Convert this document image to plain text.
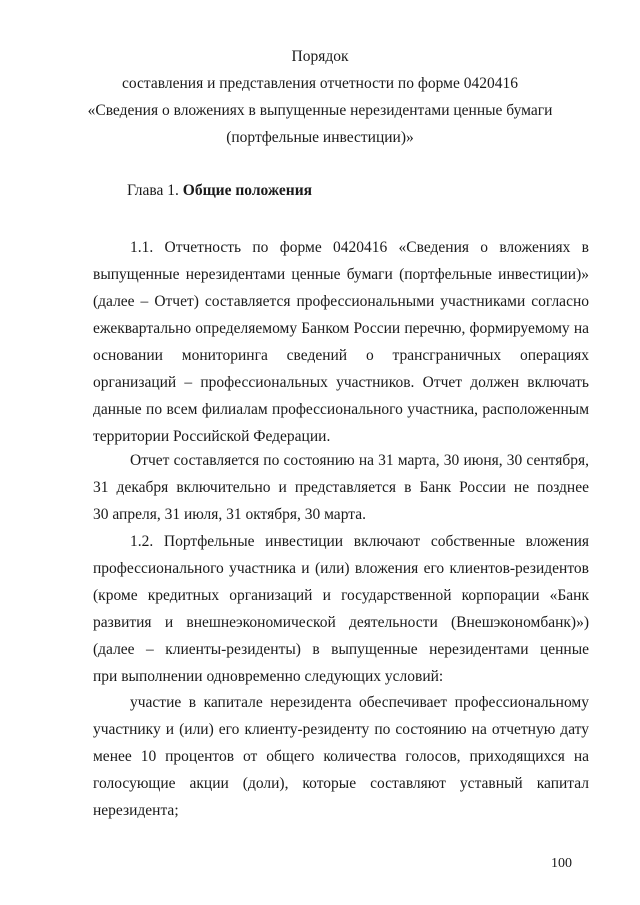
Порядок
составления и представления отчетности по форме 0420416
«Сведения о вложениях в выпущенные нерезидентами ценные бумаги
(портфельные инвестиции)»
Глава 1. Общие положения
1.1. Отчетность по форме 0420416 «Сведения о вложениях в
выпущенные нерезидентами ценные бумаги (портфельные инвестиции)»
(далее – Отчет) составляется профессиональными участниками согласно
ежеквартально определяемому Банком России перечню, формируемому на
основании мониторинга сведений о трансграничных операциях
организаций – профессиональных участников. Отчет должен включать
данные по всем филиалам профессионального участника, расположенным
территории Российской Федерации.
Отчет составляется по состоянию на 31 марта, 30 июня, 30 сентября,
31 декабря включительно и представляется в Банк России не позднее
30 апреля, 31 июля, 31 октября, 30 марта.
1.2. Портфельные инвестиции включают собственные вложения
профессионального участника и (или) вложения его клиентов-резидентов
(кроме кредитных организаций и государственной корпорации «Банк
развития и внешнеэкономической деятельности (Внешэкономбанк)»)
(далее – клиенты-резиденты) в выпущенные нерезидентами ценные
при выполнении одновременно следующих условий:
участие в капитале нерезидента обеспечивает профессиональному
участнику и (или) его клиенту-резиденту по состоянию на отчетную дату
менее 10 процентов от общего количества голосов, приходящихся на
голосующие акции (доли), которые составляют уставный капитал
нерезидента;
100
